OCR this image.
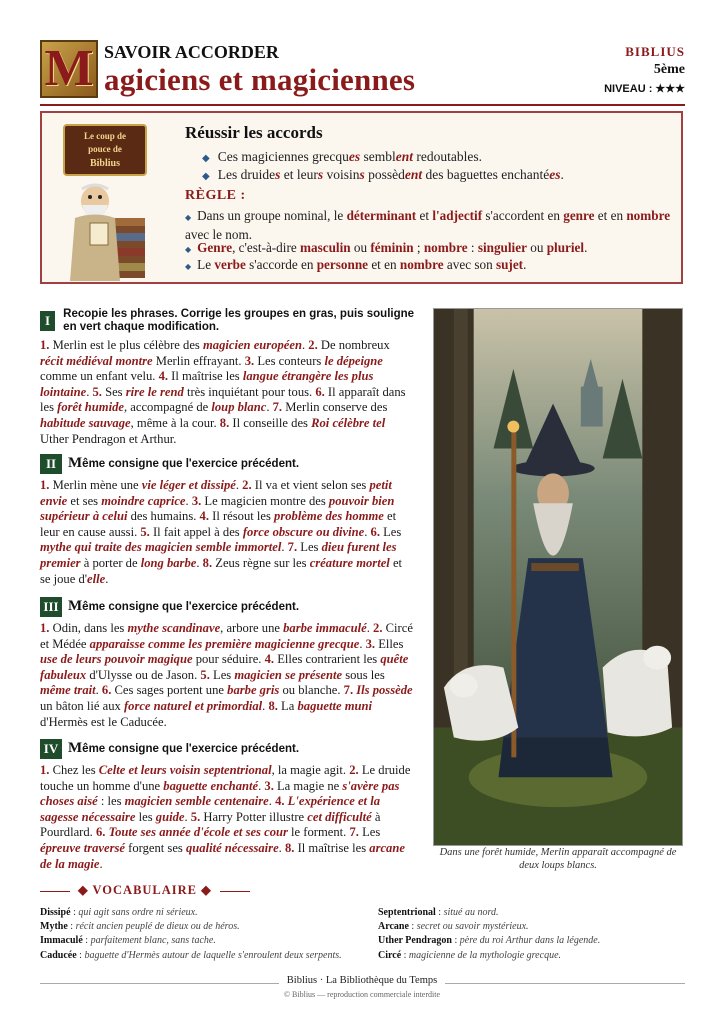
M SAVOIR ACCORDER
agiciens et magiciennes
BIBLIUS
5ème
NIVEAU : ★★★
Le coup de
pouce de
Biblius
Réussir les accords
◆ Ces magiciennes grecques semblent redoutables.
◆ Les druides et leurs voisins possèdent des baguettes enchantées.
RÈGLE :
◆ Dans un groupe nominal, le déterminant et l'adjectif s'accordent en genre et en nombre avec le nom.
◆ Genre, c'est-à-dire masculin ou féminin ; nombre : singulier ou pluriel.
◆ Le verbe s'accorde en personne et en nombre avec son sujet.
I	Recopie les phrases. Corrige les groupes en gras, puis souligne en vert chaque modification.
1. Merlin est le plus célèbre des magicien européen. 2. De nombreux récit médiéval montre Merlin effrayant. 3. Les conteurs le dépeigne comme un enfant velu. 4. Il maîtrise les langue étrangère les plus lointaine. 5. Ses rire le rend très inquiétant pour tous. 6. Il apparaît dans les forêt humide, accompagné de loup blanc. 7. Merlin conserve des habitude sauvage, même à la cour. 8. Il conseille des Roi célèbre tel Uther Pendragon et Arthur.
II Même consigne que l'exercice précédent.
1. Merlin mène une vie léger et dissipé. 2. Il va et vient selon ses petit envie et ses moindre caprice. 3. Le magicien montre des pouvoir bien supérieur à celui des humains. 4. Il résout les problème des homme et leur en cause aussi. 5. Il fait appel à des force obscure ou divine. 6. Les mythe qui traite des magicien semble immortel. 7. Les dieu furent les premier à porter de long barbe. 8. Zeus règne sur les créature mortel et se joue d'elle.
III Même consigne que l'exercice précédent.
1. Odin, dans les mythe scandinave, arbore une barbe immaculé. 2. Circé et Médée apparaisse comme les première magicienne grecque. 3. Elles use de leurs pouvoir magique pour séduire. 4. Elles contrarient les quête fabuleux d'Ulysse ou de Jason. 5. Les magicien se présente sous les même trait. 6. Ces sages portent une barbe gris ou blanche. 7. Ils possède un bâton lié aux force naturel et primordial. 8. La baguette muni d'Hermès est le Caducée.
IV Même consigne que l'exercice précédent.
1. Chez les Celte et leurs voisin septentrional, la magie agit. 2. Le druide touche un homme d'une baguette enchanté. 3. La magie ne s'avère pas choses aisé : les magicien semble centenaire. 4. L'expérience et la sagesse nécessaire les guide. 5. Harry Potter illustre cet difficulté à Pourdlard. 6. Toute ses année d'école et ses cour le forment. 7. Les épreuve traversé forgent ses qualité nécessaire. 8. Il maîtrise les arcane de la magie.
Dans une forêt humide, Merlin apparaît accompagné de deux loups blancs.
◆ VOCABULAIRE ◆
Dissipé : qui agit sans ordre ni sérieux.
Mythe : récit ancien peuplé de dieux ou de héros.
Immaculé : parfaitement blanc, sans tache.
Caducée : baguette d'Hermès autour de laquelle s'enroulent deux serpents.
Septentrional : situé au nord.
Arcane : secret ou savoir mystérieux.
Uther Pendragon : père du roi Arthur dans la légende.
Circé : magicienne de la mythologie grecque.
Biblius · La Bibliothèque du Temps
© Biblius — reproduction commerciale interdite
